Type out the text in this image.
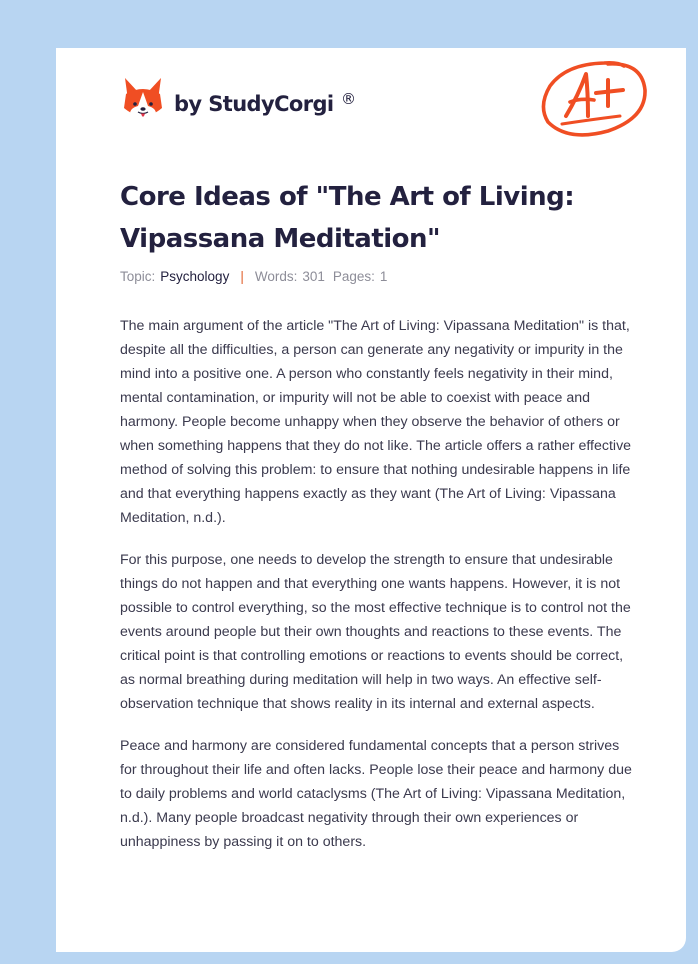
by StudyCorgi ®
Core Ideas of "The Art of Living: Vipassana Meditation"
Topic: Psychology | Words: 301 Pages: 1

The main argument of the article "The Art of Living: Vipassana Meditation" is that, despite all the difficulties, a person can generate any negativity or impurity in the mind into a positive one. A person who constantly feels negativity in their mind, mental contamination, or impurity will not be able to coexist with peace and harmony. People become unhappy when they observe the behavior of others or when something happens that they do not like. The article offers a rather effective method of solving this problem: to ensure that nothing undesirable happens in life and that everything happens exactly as they want (The Art of Living: Vipassana Meditation, n.d.).

For this purpose, one needs to develop the strength to ensure that undesirable things do not happen and that everything one wants happens. However, it is not possible to control everything, so the most effective technique is to control not the events around people but their own thoughts and reactions to these events. The critical point is that controlling emotions or reactions to events should be correct, as normal breathing during meditation will help in two ways. An effective self-observation technique that shows reality in its internal and external aspects.

Peace and harmony are considered fundamental concepts that a person strives for throughout their life and often lacks. People lose their peace and harmony due to daily problems and world cataclysms (The Art of Living: Vipassana Meditation, n.d.). Many people broadcast negativity through their own experiences or unhappiness by passing it on to others.
